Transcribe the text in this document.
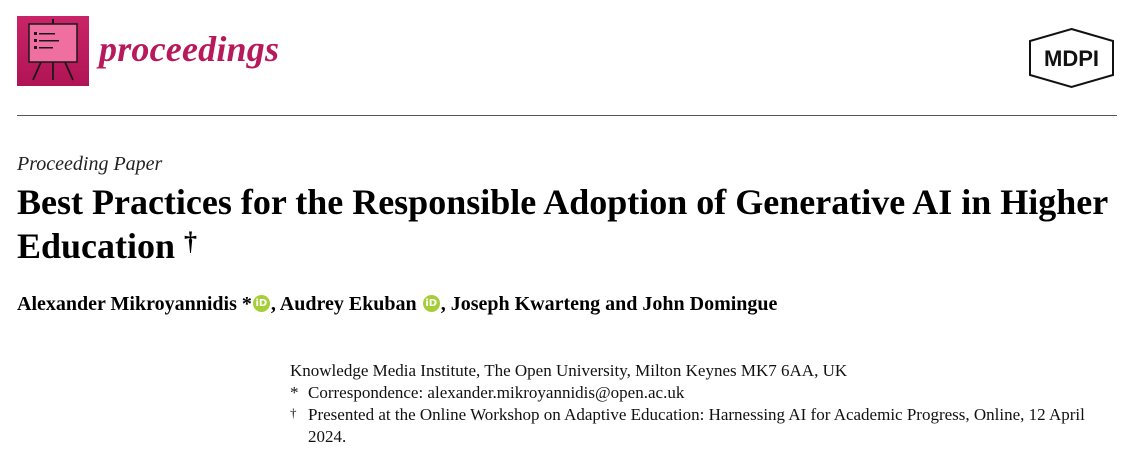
proceedings	MDPI
Proceeding Paper
Best Practices for the Responsible Adoption of Generative AI in Higher Education †
Alexander Mikroyannidis * iD , Audrey Ekuban iD , Joseph Kwarteng and John Domingue
Knowledge Media Institute, The Open University, Milton Keynes MK7 6AA, UK
* Correspondence: alexander.mikroyannidis@open.ac.uk
† Presented at the Online Workshop on Adaptive Education: Harnessing AI for Academic Progress, Online, 12 April 2024.
